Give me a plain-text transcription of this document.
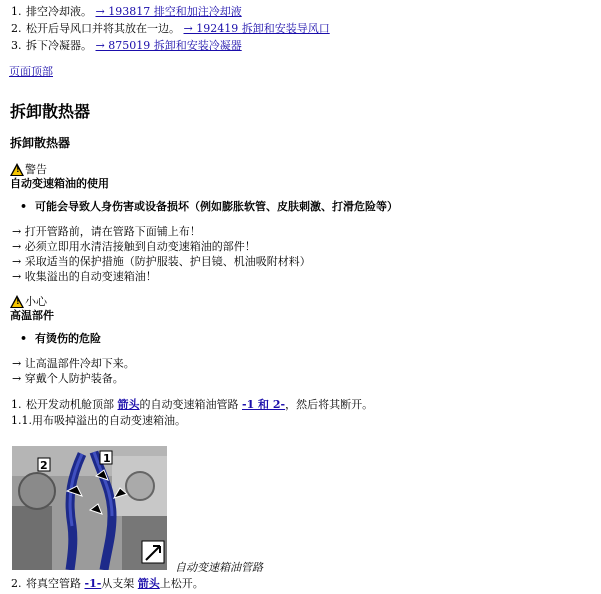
1. 排空冷却液。 → 193817 排空和加注冷却液
2. 松开后导风口并将其放在一边。 → 192419 拆卸和安装导风口
3. 拆下冷凝器。 → 875019 拆卸和安装冷凝器
页面顶部
拆卸散热器
拆卸散热器
! 警告
自动变速箱油的使用
• 可能会导致人身伤害或设备损坏（例如膨胀软管、皮肤刺激、打滑危险等）
→ 打开管路前，请在管路下面铺上布！
→ 必须立即用水清洁接触到自动变速箱油的部件！
→ 采取适当的保护措施（防护服装、护目镜、机油吸附材料）
→ 收集溢出的自动变速箱油！
! 小心
高温部件
• 有烫伤的危险
→ 让高温部件冷却下来。
→ 穿戴个人防护装备。
1. 松开发动机舱顶部 箭头的自动变速箱油管路 -1 和 2-，然后将其断开。
1.1.用布吸掉溢出的自动变速箱油。
2
1
自动变速箱油管路
2. 将真空管路 -1-从支架 箭头上松开。
